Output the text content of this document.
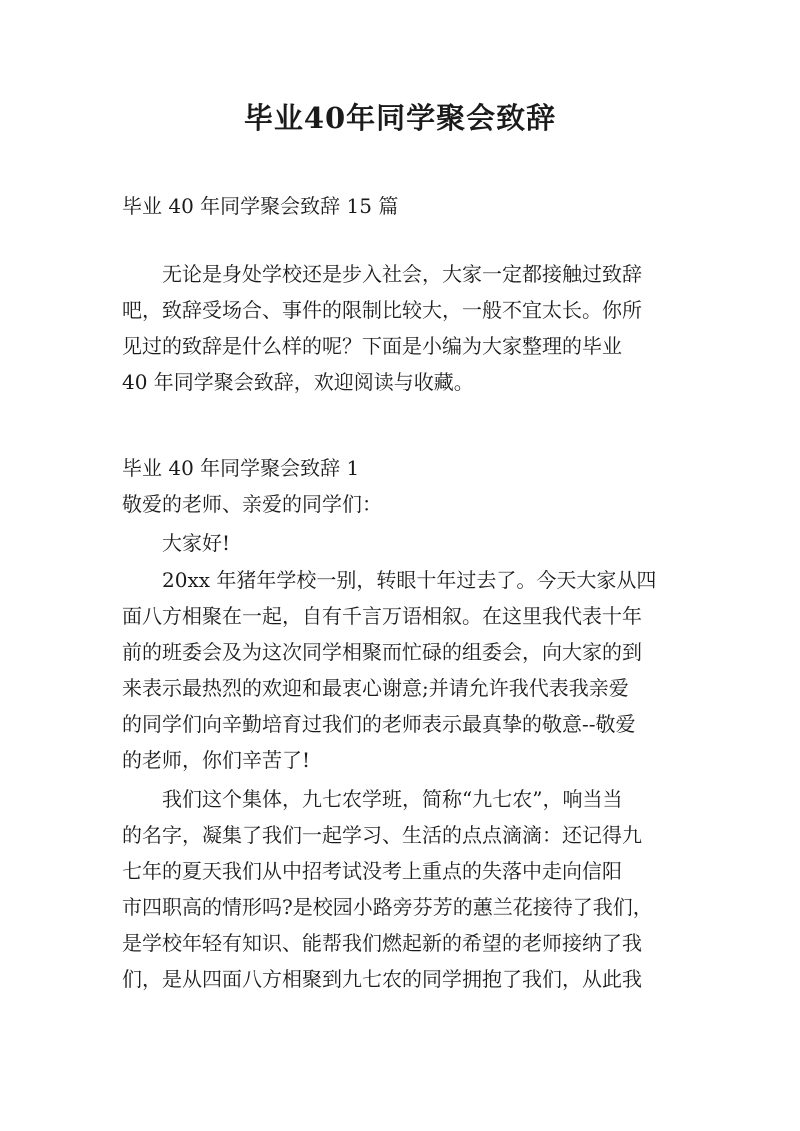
毕业40年同学聚会致辞
毕业 40 年同学聚会致辞 15 篇
无论是身处学校还是步入社会，大家一定都接触过致辞
吧，致辞受场合、事件的限制比较大，一般不宜太长。你所
见过的致辞是什么样的呢？下面是小编为大家整理的毕业
40 年同学聚会致辞，欢迎阅读与收藏。
毕业 40 年同学聚会致辞 1
敬爱的老师、亲爱的同学们：
大家好!
20xx 年猪年学校一别，转眼十年过去了。今天大家从四
面八方相聚在一起，自有千言万语相叙。在这里我代表十年
前的班委会及为这次同学相聚而忙碌的组委会，向大家的到
来表示最热烈的欢迎和最衷心谢意;并请允许我代表我亲爱
的同学们向辛勤培育过我们的老师表示最真挚的敬意--敬爱
的老师，你们辛苦了!
我们这个集体，九七农学班，简称“九七农”，响当当
的名字，凝集了我们一起学习、生活的点点滴滴：还记得九
七年的夏天我们从中招考试没考上重点的失落中走向信阳
市四职高的情形吗?是校园小路旁芬芳的蕙兰花接待了我们，
是学校年轻有知识、能帮我们燃起新的希望的老师接纳了我
们，是从四面八方相聚到九七农的同学拥抱了我们，从此我
